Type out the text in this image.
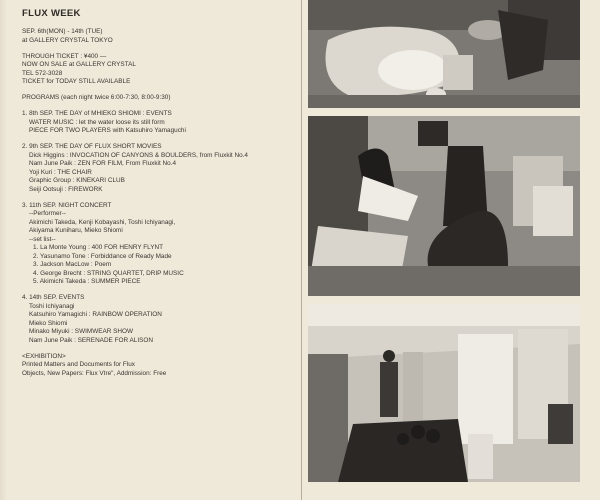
FLUX WEEK
SEP. 6th(MON) - 14th (TUE)
at GALLERY CRYSTAL TOKYO
THROUGH TICKET : ¥400 —
NOW ON SALE at GALLERY CRYSTAL
TEL 572-3028
TICKET for TODAY STILL AVAILABLE
PROGRAMS (each night twice 6:00-7:30, 8:00-9:30)
1. 8th SEP. THE DAY of MHIEKO SHIOMI : EVENTS
WATER MUSIC : let the water loose its still form
PIECE FOR TWO PLAYERS with Katsuhiro Yamaguchi
2. 9th SEP. THE DAY OF FLUX SHORT MOVIES
Dick Higgins : INVOCATION OF CANYONS & BOULDERS, from Fluxkit No.4
Nam June Paik : ZEN FOR FILM, From Fluxkit No.4
Yoji Kuri : THE CHAIR
Graphic Group : KINEKARI CLUB
Seiji Ootsuji : FIREWORK
3. 11th SEP. NIGHT CONCERT
--Performer--
Akimichi Takeda, Kenji Kobayashi, Toshi Ichiyanagi,
Akiyama Kuniharu, Mieko Shiomi
--set list--
1. La Monte Young : 400 FOR HENRY FLYNT
2. Yasunamo Tone : Forbiddance of Ready Made
3. Jackson MacLow : Poem
4. George Brecht : STRING QUARTET, DRIP MUSIC
5. Akimichi Takeda : SUMMER PIECE
4. 14th SEP. EVENTS
Toshi Ichiyanagi
Katsuhiro Yamagichi : RAINBOW OPERATION
Mieko Shiomi
Minako Miyuki : SWIMWEAR SHOW
Nam June Paik : SERENADE FOR ALISON
<EXHIBITION>
Printed Matters and Documents for Flux
Objects, New Papers: Flux Vtre", Addmission: Free
